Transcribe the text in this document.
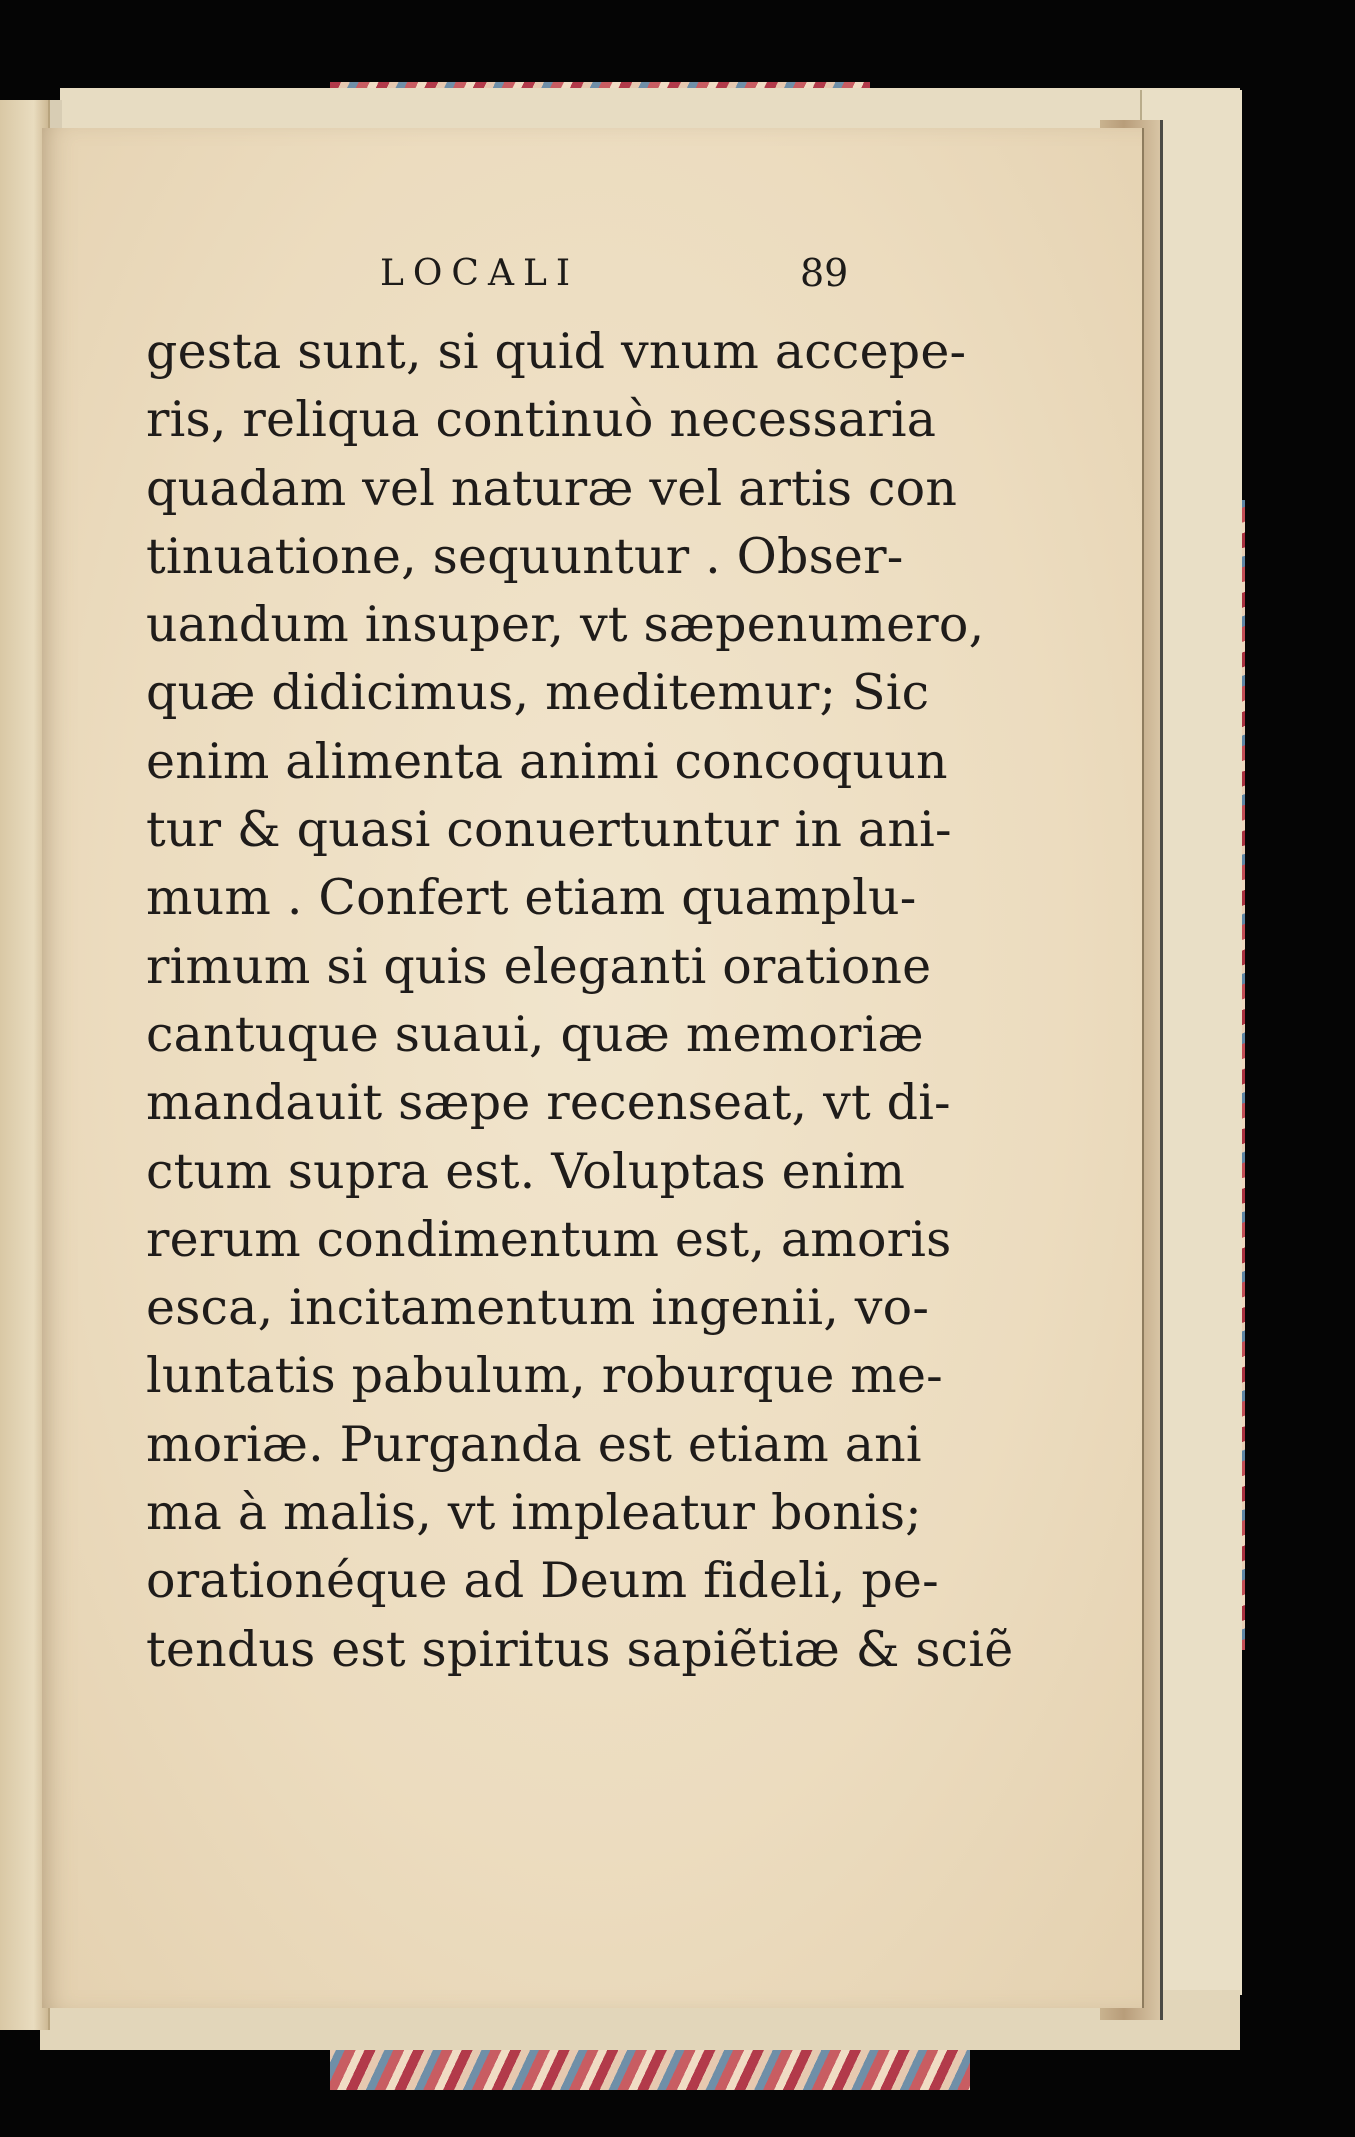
LOCALI	89
gesta sunt, si quid vnum accepe-
ris, reliqua continuò necessaria
quadam vel naturæ vel artis con
tinuatione, sequuntur . Obser-
uandum insuper, vt sæpenumero,
quæ didicimus, meditemur; Sic
enim alimenta animi concoquun
tur & quasi conuertuntur in ani-
mum . Confert etiam quamplu-
rimum si quis eleganti oratione
cantuque suaui, quæ memoriæ
mandauit sæpe recenseat, vt di-
ctum supra est. Voluptas enim
rerum condimentum est, amoris
esca, incitamentum ingenii, vo-
luntatis pabulum, roburque me-
moriæ. Purganda est etiam ani
ma à malis, vt impleatur bonis;
orationéque ad Deum fideli, pe-
tendus est spiritus sapiẽtiæ & sciẽ
